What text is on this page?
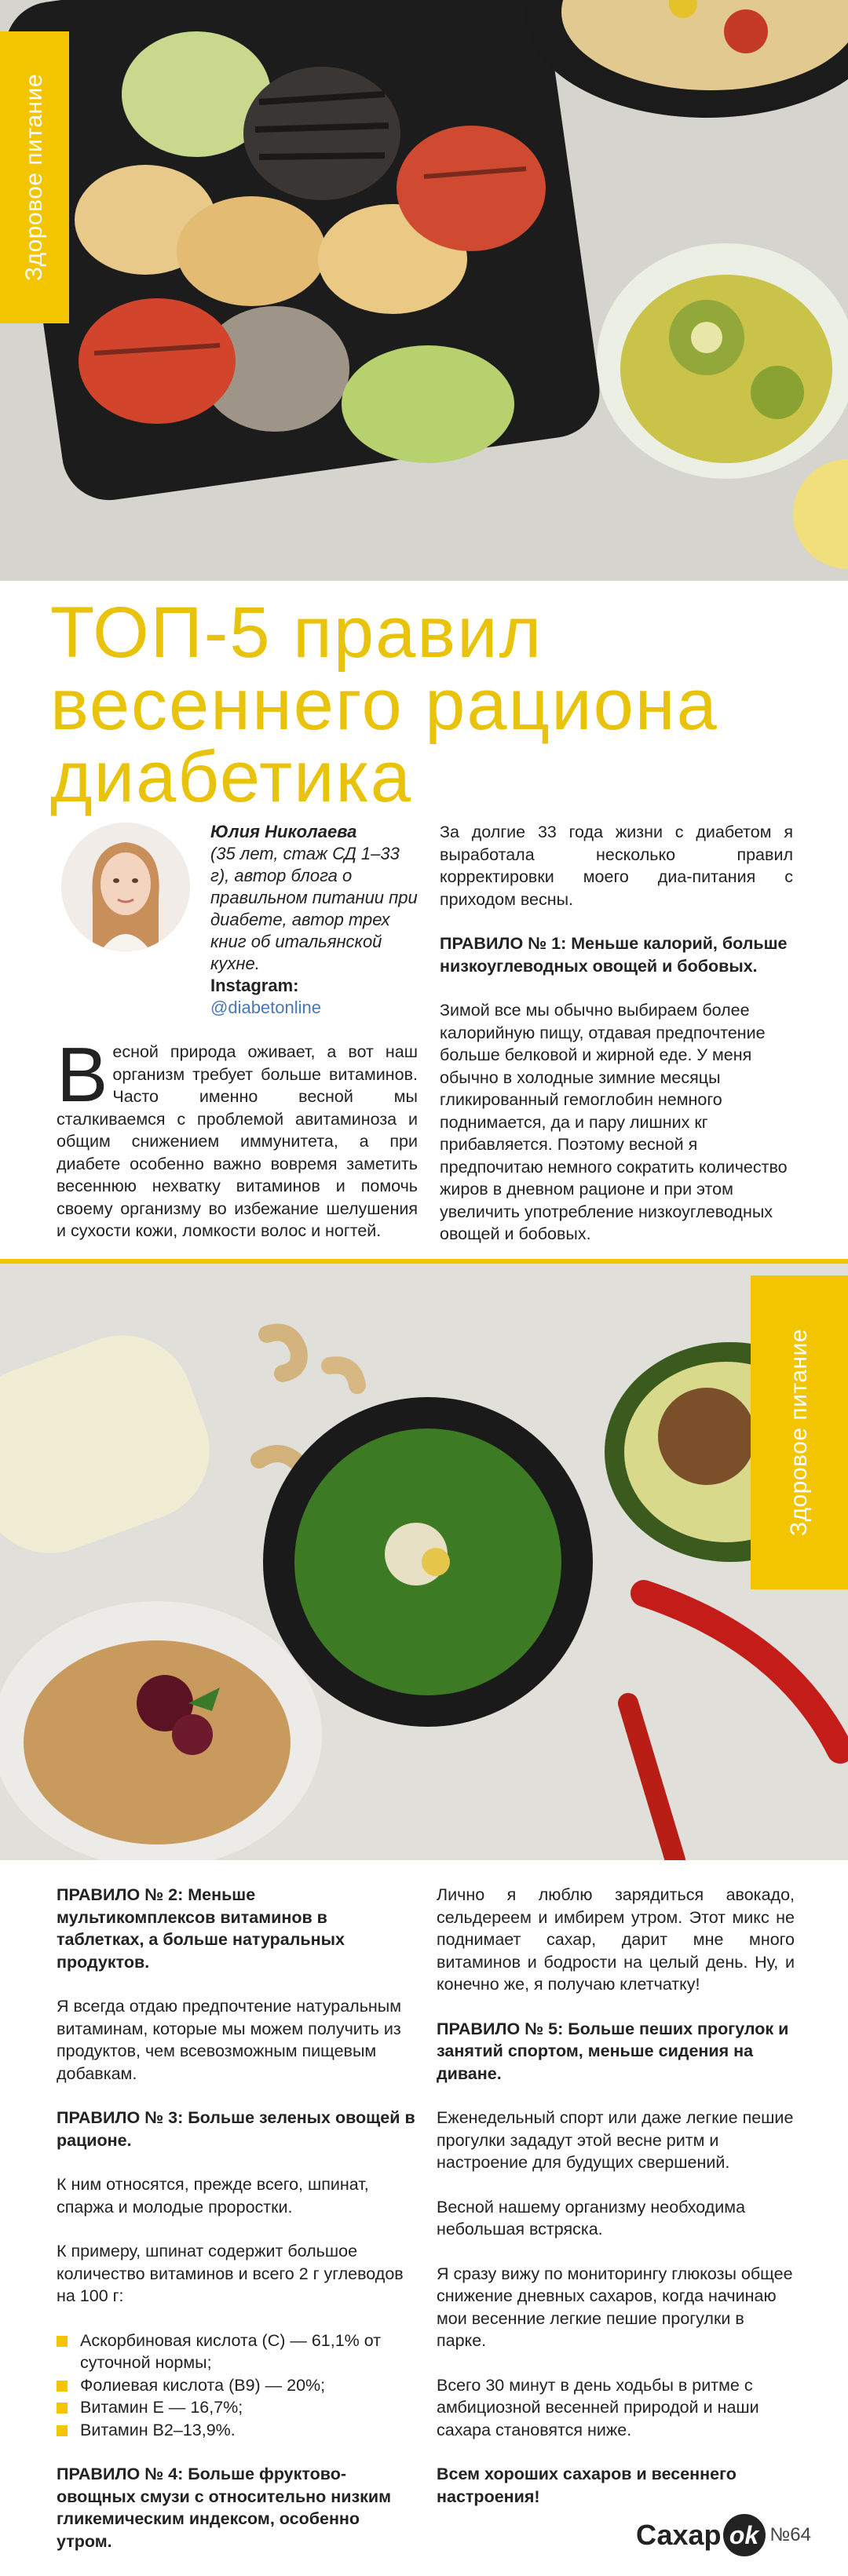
Здоровое питание
ТОП-5 правил
весеннего рациона
диабетика
Юлия Николаева
(35 лет, стаж СД 1–33 г), автор блога о правильном питании при диабете, автор трех книг об итальянской кухне.
Instagram:
@diabetonline
В есной природа оживает, а вот наш организм требует больше витаминов. Часто именно весной мы сталкиваемся с проблемой авитаминоза и общим снижением иммунитета, а при диабете особенно важно вовремя заметить весеннюю нехватку витаминов и помочь своему организму во избежание шелушения и сухости кожи, ломкости волос и ногтей.

За долгие 33 года жизни с диабетом я выработала несколько правил корректировки моего диа-питания с приходом весны.

ПРАВИЛО № 1: Меньше калорий, больше низкоуглеводных овощей и бобовых.

Зимой все мы обычно выбираем более калорийную пищу, отдавая предпочтение больше белковой и жирной еде. У меня обычно в холодные зимние месяцы гликированный гемоглобин немного поднимается, да и пару лишних кг прибавляется. Поэтому весной я предпочитаю немного сократить количество жиров в дневном рационе и при этом увеличить употребление низкоуглеводных овощей и бобовых.

Здоровое питание

ПРАВИЛО № 2: Меньше мультикомплексов витаминов в таблетках, а больше натуральных продуктов.

Я всегда отдаю предпочтение натуральным витаминам, которые мы можем получить из продуктов, чем всевозможным пищевым добавкам.

ПРАВИЛО № 3: Больше зеленых овощей в рационе.

К ним относятся, прежде всего, шпинат, спаржа и молодые проростки.

К примеру, шпинат содержит большое количество витаминов и всего 2 г углеводов на 100 г:

Аскорбиновая кислота (C) — 61,1% от суточной нормы;
Фолиевая кислота (B9) — 20%;
Витамин Е — 16,7%;
Витамин В2–13,9%.

ПРАВИЛО № 4: Больше фруктово-овощных смузи с относительно низким гликемическим индексом, особенно утром.

Лично я люблю зарядиться авокадо, сельдереем и имбирем утром. Этот микс не поднимает сахар, дарит мне много витаминов и бодрости на целый день. Ну, и конечно же, я получаю клетчатку!

ПРАВИЛО № 5: Больше пеших прогулок и занятий спортом, меньше сидения на диване.

Еженедельный спорт или даже легкие пешие прогулки зададут этой весне ритм и настроение для будущих свершений.

Весной нашему организму необходима небольшая встряска.

Я сразу вижу по мониторингу глюкозы общее снижение дневных сахаров, когда начинаю мои весенние легкие пешие прогулки в парке.

Всего 30 минут в день ходьбы в ритме с амбициозной весенней природой и наши сахара становятся ниже.

Всем хороших сахаров и весеннего настроения!

Сахар ok №64
